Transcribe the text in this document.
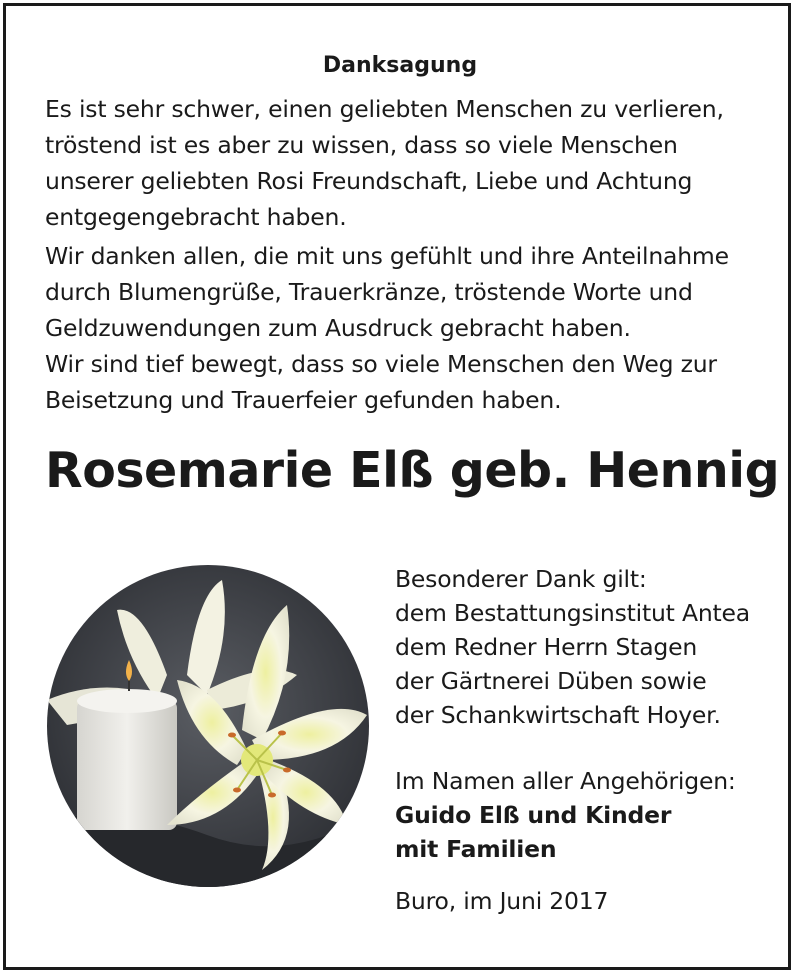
Danksagung
Es ist sehr schwer, einen geliebten Menschen zu verlieren,
tröstend ist es aber zu wissen, dass so viele Menschen
unserer geliebten Rosi Freundschaft, Liebe und Achtung
entgegengebracht haben.
Wir danken allen, die mit uns gefühlt und ihre Anteilnahme
durch Blumengrüße, Trauerkränze, tröstende Worte und
Geldzuwendungen zum Ausdruck gebracht haben.
Wir sind tief bewegt, dass so viele Menschen den Weg zur
Beisetzung und Trauerfeier gefunden haben.
Rosemarie Elß geb. Hennig
Besonderer Dank gilt:
dem Bestattungsinstitut Antea
dem Redner Herrn Stagen
der Gärtnerei Düben sowie
der Schankwirtschaft Hoyer.
Im Namen aller Angehörigen:
Guido Elß und Kinder
mit Familien
Buro, im Juni 2017
